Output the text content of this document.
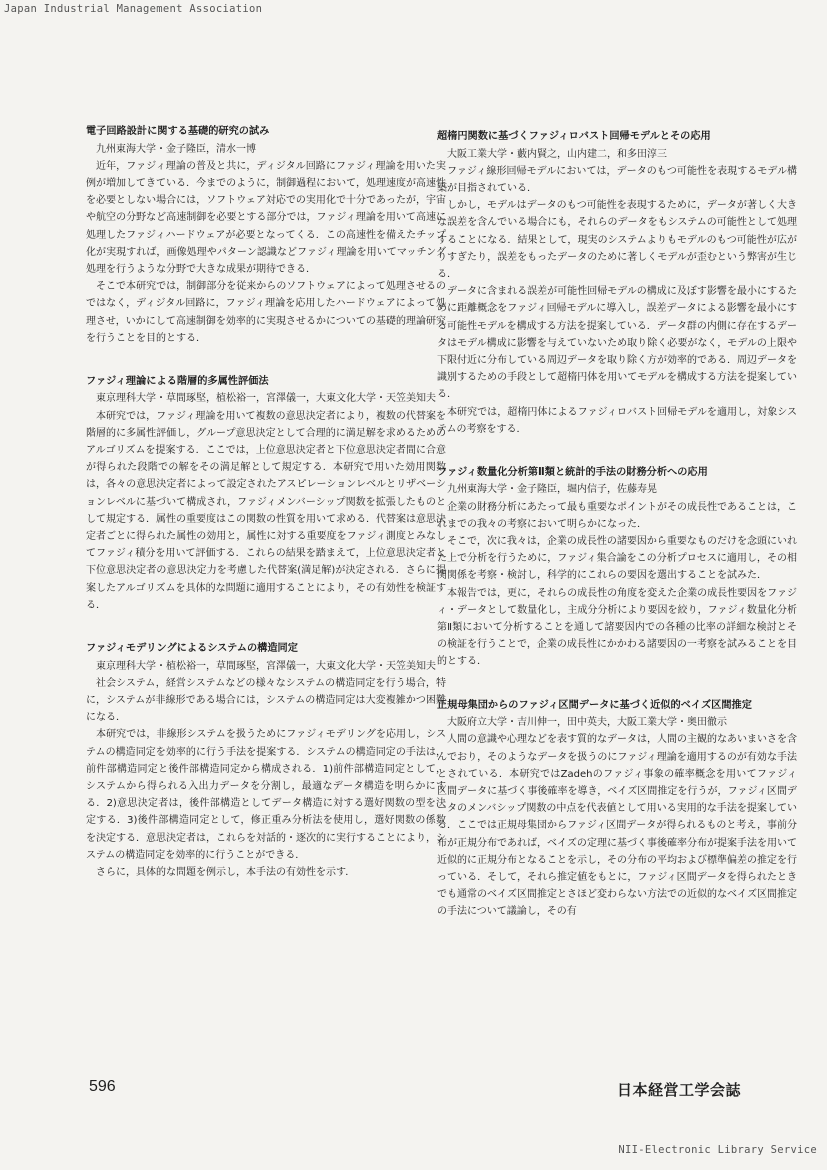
Japan Industrial Management Association
電子回路設計に関する基礎的研究の試み
九州東海大学・金子隆臣，清水一博

近年，ファジィ理論の普及と共に，ディジタル回路にファジィ理論を用いた実例が増加してきている．今までのように，制御過程において，処理速度が高速性を必要としない場合には，ソフトウェア対応での実用化で十分であったが，宇宙や航空の分野など高速制御を必要とする部分では，ファジィ理論を用いて高速に処理したファジィハードウェアが必要となってくる．この高速性を備えたチップ化が実現すれば，画像処理やパターン認識などファジィ理論を用いてマッチング処理を行うような分野で大きな成果が期待できる．

そこで本研究では，制御部分を従来からのソフトウェアによって処理させるのではなく，ディジタル回路に，ファジィ理論を応用したハードウェアによって処理させ，いかにして高速制御を効率的に実現させるかについての基礎的理論研究を行うことを目的とする．

ファジィ理論による階層的多属性評価法
東京理科大学・草間琢堅，植松裕一，宮澤儀一，大東文化大学・天笠美知夫

本研究では，ファジィ理論を用いて複数の意思決定者により，複数の代替案を階層的に多属性評価し，グループ意思決定として合理的に満足解を求めるためのアルゴリズムを提案する．ここでは，上位意思決定者と下位意思決定者間に合意が得られた段階での解をその満足解として規定する．本研究で用いた効用関数は，各々の意思決定者によって設定されたアスピレーションレベルとリザベーションレベルに基づいて構成され，ファジィメンバーシップ関数を拡張したものとして規定する．属性の重要度はこの関数の性質を用いて求める．代替案は意思決定者ごとに得られた属性の効用と，属性に対する重要度をファジィ測度とみなしてファジィ積分を用いて評価する．これらの結果を踏まえて，上位意思決定者と下位意思決定者の意思決定力を考慮した代替案(満足解)が決定される．さらに提案したアルゴリズムを具体的な問題に適用することにより，その有効性を検証する．

ファジィモデリングによるシステムの構造同定
東京理科大学・植松裕一，草間琢堅，宮澤儀一，大東文化大学・天笠美知夫

社会システム，経営システムなどの様々なシステムの構造同定を行う場合，特に，システムが非線形である場合には，システムの構造同定は大変複雑かつ困難になる．

本研究では，非線形システムを扱うためにファジィモデリングを応用し，システムの構造同定を効率的に行う手法を提案する．システムの構造同定の手法は，前件部構造同定と後件部構造同定から構成される．1)前件部構造同定として，システムから得られる入出力データを分割し，最適なデータ構造を明らかにする．2)意思決定者は，後件部構造としてデータ構造に対する選好関数の型を決定する．3)後件部構造同定として，修正重み分析法を使用し，選好関数の係数を決定する．意思決定者は，これらを対話的・逐次的に実行することにより，システムの構造同定を効率的に行うことができる．

さらに，具体的な問題を例示し，本手法の有効性を示す．

超楕円関数に基づくファジィロバスト回帰モデルとその応用
大阪工業大学・藪内賢之，山内建二，和多田淳三

ファジィ線形回帰モデルにおいては，データのもつ可能性を表現するモデル構築が目指されている．

しかし，モデルはデータのもつ可能性を表現するために，データが著しく大きな誤差を含んでいる場合にも，それらのデータをもシステムの可能性として処理することになる．結果として，現実のシステムよりもモデルのもつ可能性が広がりすぎたり，誤差をもったデータのために著しくモデルが歪むという弊害が生じる．

データに含まれる誤差が可能性回帰モデルの構成に及ぼす影響を最小にするために距離概念をファジィ回帰モデルに導入し，誤差データによる影響を最小にする可能性モデルを構成する方法を提案している．データ群の内側に存在するデータはモデル構成に影響を与えていないため取り除く必要がなく，モデルの上限や下限付近に分布している周辺データを取り除く方が効率的である．周辺データを識別するための手段として超楕円体を用いてモデルを構成する方法を提案している．

本研究では，超楕円体によるファジィロバスト回帰モデルを適用し，対象システムの考察をする．

ファジィ数量化分析第Ⅱ類と統計的手法の財務分析への応用
九州東海大学・金子隆臣，堀内信子，佐藤寿晃

企業の財務分析にあたって最も重要なポイントがその成長性であることは，これまでの我々の考察において明らかになった．

そこで，次に我々は，企業の成長性の諸要因から重要なものだけを念頭にいれた上で分析を行うために，ファジィ集合論をこの分析プロセスに適用し，その相関関係を考察・検討し，科学的にこれらの要因を選出することを試みた．

本報告では，更に，それらの成長性の角度を変えた企業の成長性要因をファジィ・データとして数量化し，主成分分析により要因を絞り，ファジィ数量化分析第Ⅱ類において分析することを通して諸要因内での各種の比率の詳細な検討とその検証を行うことで，企業の成長性にかかわる諸要因の一考察を試みることを目的とする．

正規母集団からのファジィ区間データに基づく近似的ベイズ区間推定
大阪府立大学・吉川伸一，田中英夫，大阪工業大学・奥田徹示

人間の意識や心理などを表す質的なデータは，人間の主観的なあいまいさを含んでおり，そのようなデータを扱うのにファジィ理論を適用するのが有効な手法とされている．本研究ではZadehのファジィ事象の確率概念を用いてファジィ区間データに基づく事後確率を導き，ベイズ区間推定を行うが，ファジィ区間データのメンバシップ関数の中点を代表値として用いる実用的な手法を提案している．ここでは正規母集団からファジィ区間データが得られるものと考え，事前分布が正規分布であれば，ベイズの定理に基づく事後確率分布が提案手法を用いて近似的に正規分布となることを示し，その分布の平均および標準偏差の推定を行っている．そして，それら推定値をもとに，ファジィ区間データを得られたときでも通常のベイズ区間推定とさほど変わらない方法での近似的なベイズ区間推定の手法について議論し，その有

596	日本経営工学会誌
NII-Electronic Library Service
